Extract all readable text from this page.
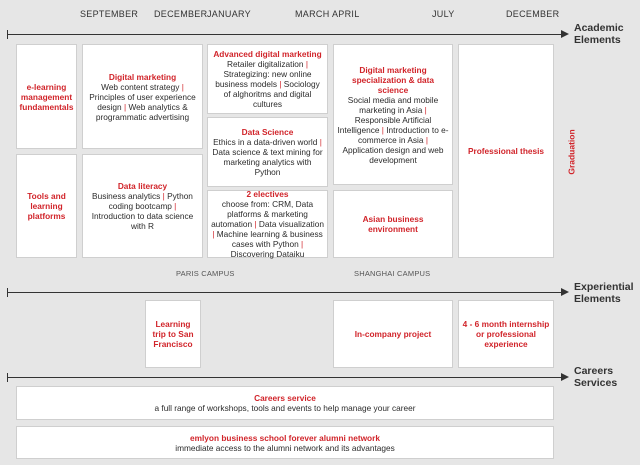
SEPTEMBER DECEMBER JANUARY	MARCH APRIL	JULY	DECEMBER
Academic Elements
Experiential Elements
Careers Services
e-learning management fundamentals
Tools and learning platforms
Digital marketing
Web content strategy | Principles of user experience design | Web analytics & programmatic advertising
Data literacy
Business analytics | Python coding bootcamp | Introduction to data science with R
Advanced digital marketing
Retailer digitalization | Strategizing: new online business models | Sociology of alghoritms and digital cultures
Data Science
Ethics in a data-driven world | Data science & text mining for marketing analytics with Python
2 electives
choose from: CRM, Data platforms & marketing automation | Data visualization | Machine learning & business cases with Python | Discovering Dataiku
Digital marketing specialization & data science
Social media and mobile marketing in Asia | Responsible Artificial Intelligence | Introduction to e-commerce in Asia | Application design and web development
Asian business environment
Professional thesis	Graduation
PARIS CAMPUS	SHANGHAI CAMPUS
Learning trip to San Francisco
In-company project
4 - 6 month internship or professional experience
Careers service
a full range of workshops, tools and events to help manage your career
emlyon business school forever alumni network
immediate access to the alumni network and its advantages
